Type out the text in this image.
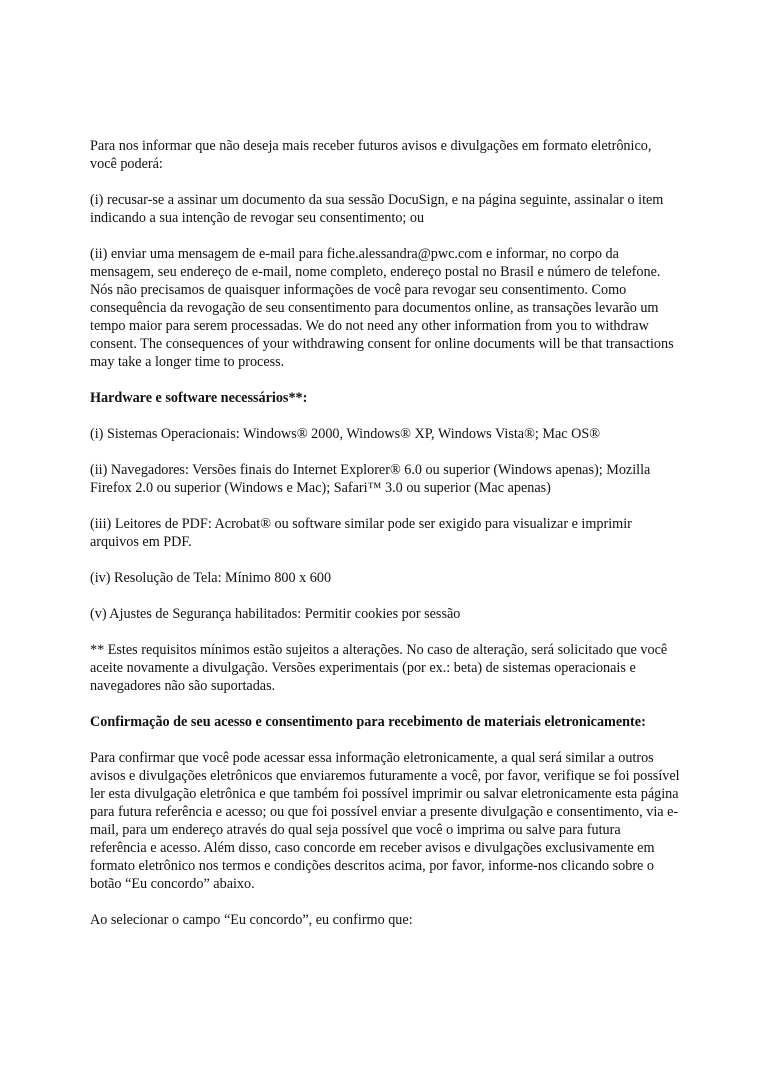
Para nos informar que não deseja mais receber futuros avisos e divulgações em formato eletrônico, você poderá:

(i) recusar-se a assinar um documento da sua sessão DocuSign, e na página seguinte, assinalar o item indicando a sua intenção de revogar seu consentimento; ou

(ii) enviar uma mensagem de e-mail para fiche.alessandra@pwc.com e informar, no corpo da mensagem, seu endereço de e-mail, nome completo, endereço postal no Brasil e número de telefone. Nós não precisamos de quaisquer informações de você para revogar seu consentimento. Como consequência da revogação de seu consentimento para documentos online, as transações levarão um tempo maior para serem processadas. We do not need any other information from you to withdraw consent. The consequences of your withdrawing consent for online documents will be that transactions may take a longer time to process.

Hardware e software necessários**:

(i) Sistemas Operacionais: Windows® 2000, Windows® XP, Windows Vista®; Mac OS®

(ii) Navegadores: Versões finais do Internet Explorer® 6.0 ou superior (Windows apenas); Mozilla Firefox 2.0 ou superior (Windows e Mac); Safari™ 3.0 ou superior (Mac apenas)

(iii) Leitores de PDF: Acrobat® ou software similar pode ser exigido para visualizar e imprimir arquivos em PDF.

(iv) Resolução de Tela: Mínimo 800 x 600

(v) Ajustes de Segurança habilitados: Permitir cookies por sessão

** Estes requisitos mínimos estão sujeitos a alterações. No caso de alteração, será solicitado que você aceite novamente a divulgação. Versões experimentais (por ex.: beta) de sistemas operacionais e navegadores não são suportadas.

Confirmação de seu acesso e consentimento para recebimento de materiais eletronicamente:

Para confirmar que você pode acessar essa informação eletronicamente, a qual será similar a outros avisos e divulgações eletrônicos que enviaremos futuramente a você, por favor, verifique se foi possível ler esta divulgação eletrônica e que também foi possível imprimir ou salvar eletronicamente esta página para futura referência e acesso; ou que foi possível enviar a presente divulgação e consentimento, via e-mail, para um endereço através do qual seja possível que você o imprima ou salve para futura referência e acesso. Além disso, caso concorde em receber avisos e divulgações exclusivamente em formato eletrônico nos termos e condições descritos acima, por favor, informe-nos clicando sobre o botão “Eu concordo” abaixo.

Ao selecionar o campo “Eu concordo”, eu confirmo que:
